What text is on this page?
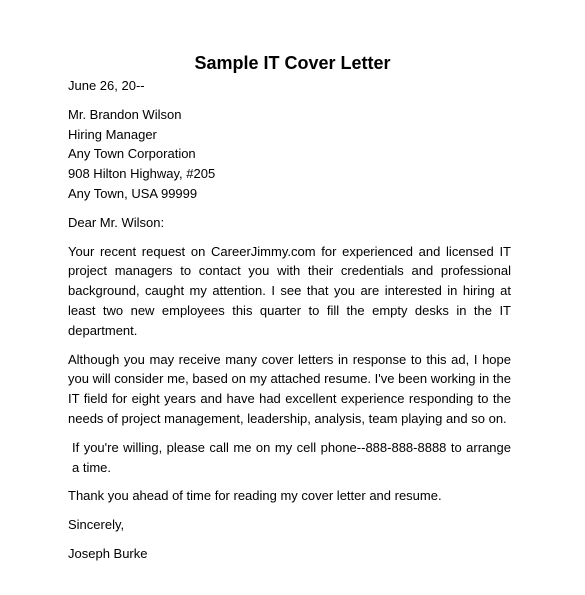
Sample IT Cover Letter

June 26, 20--

Mr. Brandon Wilson
Hiring Manager
Any Town Corporation
908 Hilton Highway, #205
Any Town, USA 99999

Dear Mr. Wilson:

Your recent request on CareerJimmy.com for experienced and licensed IT project managers to contact you with their credentials and professional background, caught my attention. I see that you are interested in hiring at least two new employees this quarter to fill the empty desks in the IT department.

Although you may receive many cover letters in response to this ad, I hope you will consider me, based on my attached resume. I've been working in the IT field for eight years and have had excellent experience responding to the needs of project management, leadership, analysis, team playing and so on.

If you're willing, please call me on my cell phone--888-888-8888 to arrange a time.

Thank you ahead of time for reading my cover letter and resume.

Sincerely,

Joseph Burke
